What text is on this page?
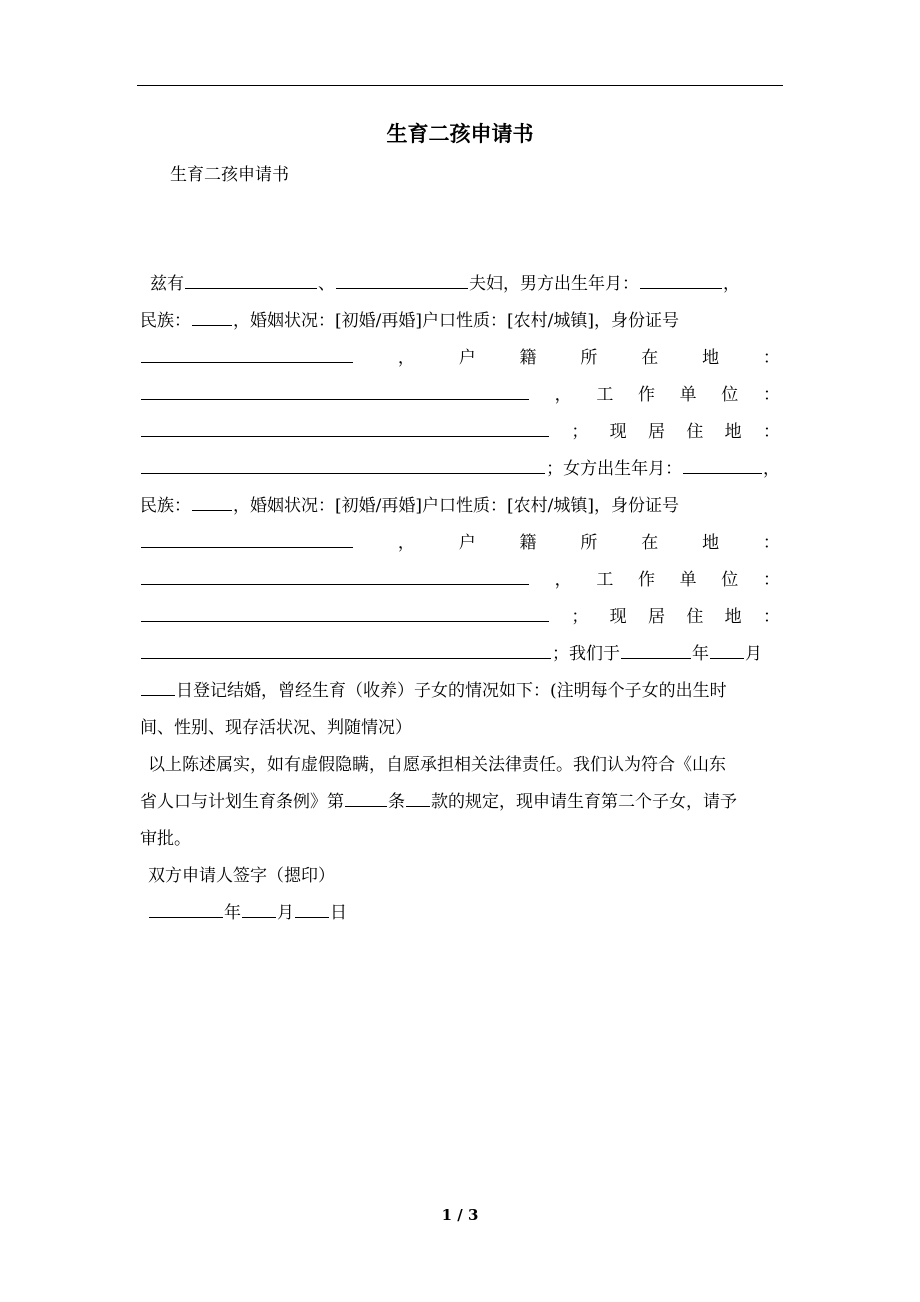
生育二孩申请书
生育二孩申请书
兹有	、	夫妇，男方出生年月：	，
民族： ，婚姻状况：[初婚/再婚]户口性质：[农村/城镇]，身份证号
，	户	籍	所	在	地	：
， 工 作 单 位 ：
； 现 居 住 地 ：
；女方出生年月：	，
民族： ，婚姻状况：[初婚/再婚]户口性质：[农村/城镇]，身份证号
，	户	籍	所	在	地	：
， 工 作 单 位 ：
； 现 居 住 地 ：
；我们于	年 月
日登记结婚，曾经生育（收养）子女的情况如下：(注明每个子女的出生时
间、性别、现存活状况、判随情况）
以上陈述属实，如有虚假隐瞒，自愿承担相关法律责任。我们认为符合《山东
省人口与计划生育条例》第	条 款的规定，现申请生育第二个子女，请予
审批。
双方申请人签字（摁印）
年 月 日
1 / 3
